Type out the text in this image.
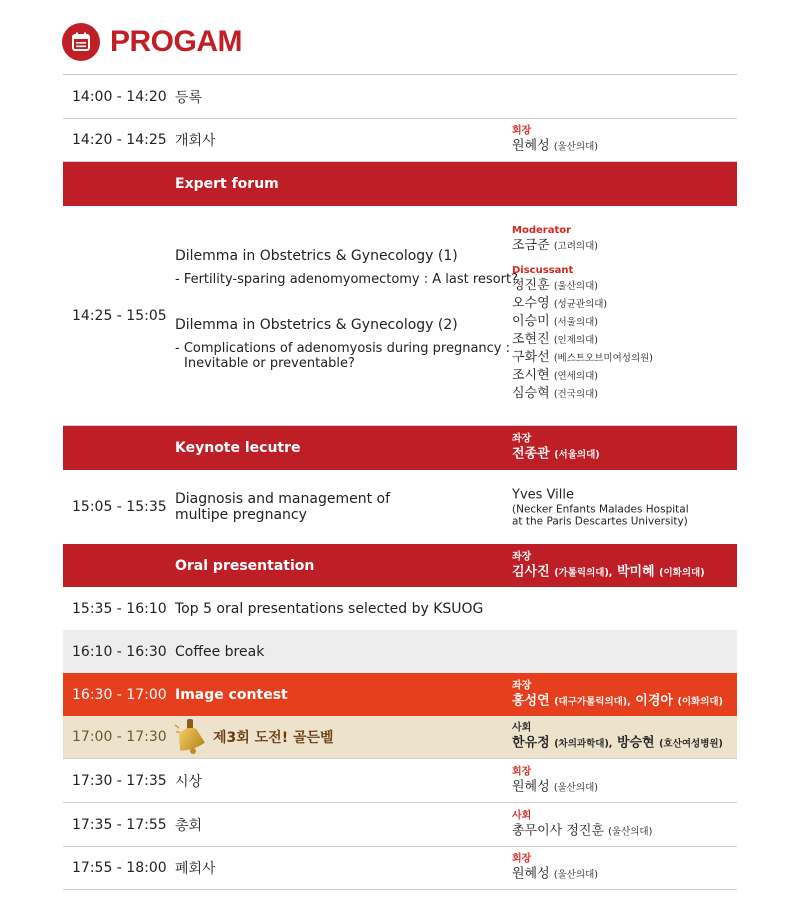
PROGAM
14:00 - 14:20 등록
14:20 - 14:25 개회사
회장
원혜성 (울산의대)
Expert forum
14:25 - 15:05
Dilemma in Obstetrics & Gynecology (1)
- Fertility-sparing adenomyomectomy : A last resort?
Dilemma in Obstetrics & Gynecology (2)
- Complications of adenomyosis during pregnancy :
Inevitable or preventable?
Moderator
조금준 (고려의대)
Discussant
정진훈 (울산의대)
오수영 (성균관의대)
이승미 (서울의대)
조현진 (인제의대)
구화선 (베스트오브미여성의원)
조시현 (연세의대)
심승혁 (건국의대)
Keynote lecutre
좌장
전종관 (서울의대)
15:05 - 15:35 Diagnosis and management of
multipe pregnancy
Yves Ville
(Necker Enfants Malades Hospital
at the Paris Descartes University)
Oral presentation
좌장
김사진 (가톨릭의대), 박미혜 (이화의대)
15:35 - 16:10 Top 5 oral presentations selected by KSUOG
16:10 - 16:30 Coffee break
16:30 - 17:00 Image contest
좌장
홍성연 (대구가톨릭의대), 이경아 (이화의대)
17:00 - 17:30	제3회 도전! 골든벨
사회
한유정 (차의과학대), 방승현 (호산여성병원)
17:30 - 17:35 시상
회장
원혜성 (울산의대)
17:35 - 17:55 총회
사회
총무이사 정진훈 (울산의대)
17:55 - 18:00 폐회사
회장
원혜성 (울산의대)
